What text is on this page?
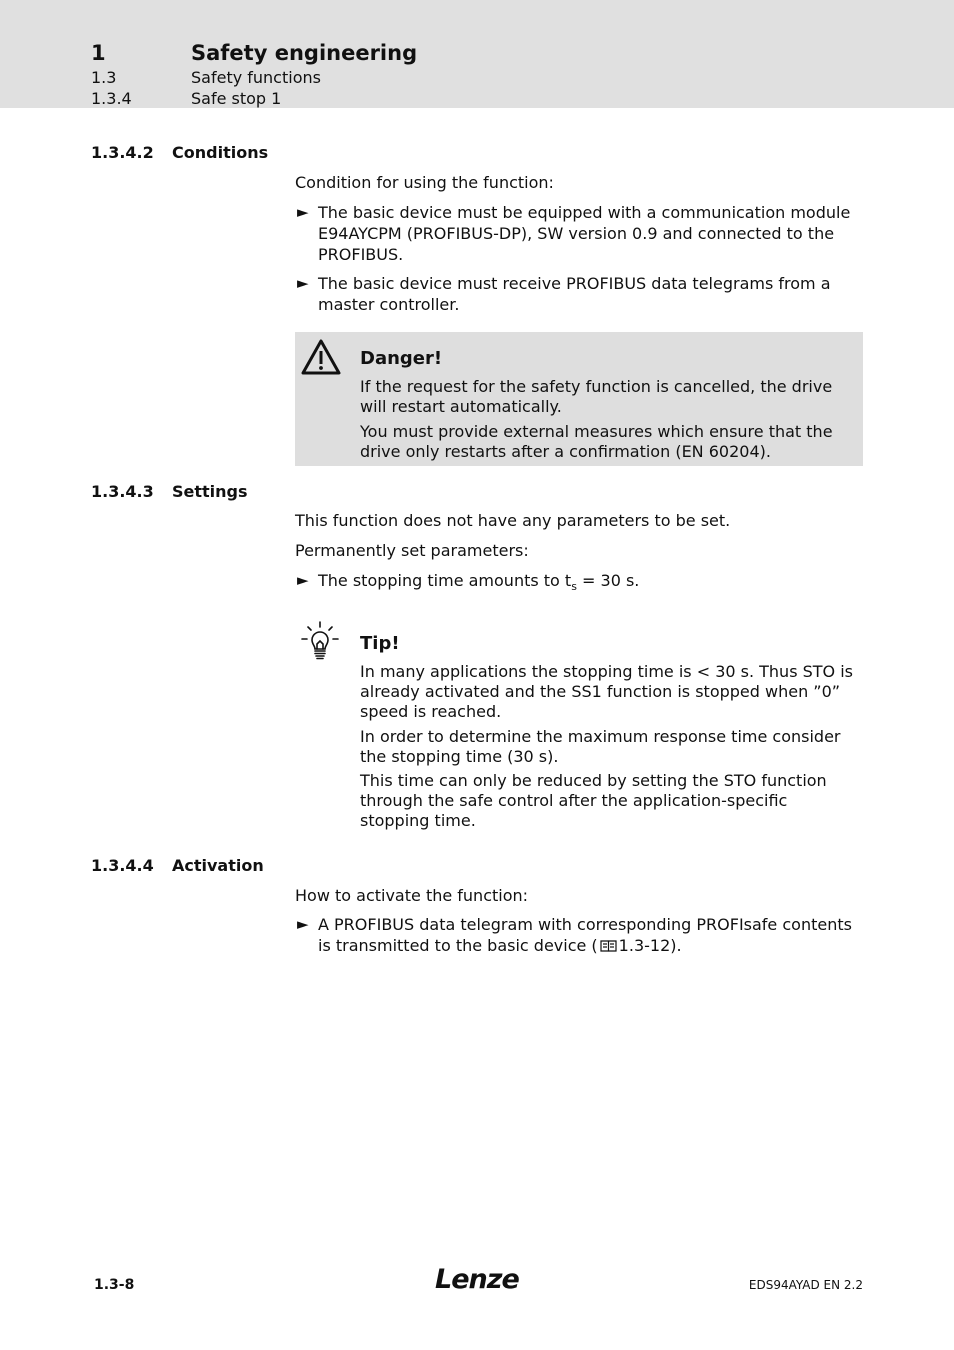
1	Safety engineering
1.3	Safety functions
1.3.4	Safe stop 1
1.3.4.2 Conditions

Condition for using the function:

► The basic device must be equipped with a communication module E94AYCPM (PROFIBUS-DP), SW version 0.9 and connected to the PROFIBUS.
► The basic device must receive PROFIBUS data telegrams from a master controller.
Danger!
If the request for the safety function is cancelled, the drive will restart automatically.
You must provide external measures which ensure that the drive only restarts after a confirmation (EN 60204).
1.3.4.3 Settings

This function does not have any parameters to be set.

Permanently set parameters:

► The stopping time amounts to $t_s = 30$ s.
Tip!
In many applications the stopping time is < 30 s. Thus STO is already activated and the SS1 function is stopped when ”0” speed is reached.
In order to determine the maximum response time consider the stopping time (30 s).
This time can only be reduced by setting the STO function through the safe control after the application-specific stopping time.
1.3.4.4 Activation

How to activate the function:

► A PROFIBUS data telegram with corresponding PROFIsafe contents is transmitted to the basic device ( 1.3-12).
1.3-8	Lenze	EDS94AYAD EN 2.2
